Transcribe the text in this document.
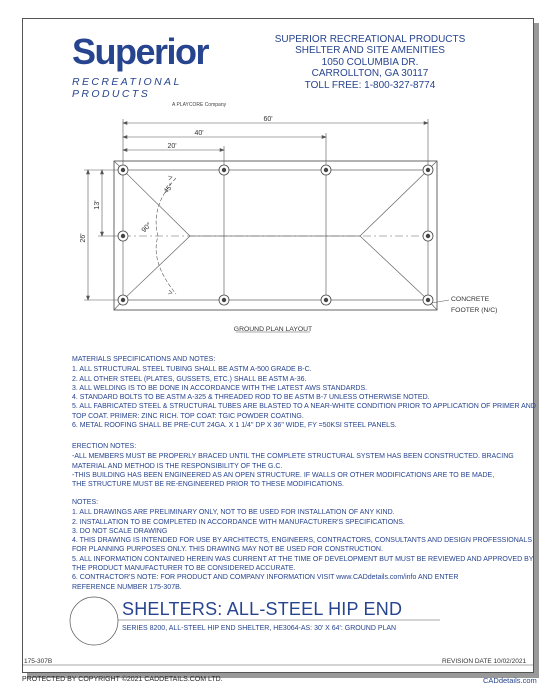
Superior
RECREATIONAL PRODUCTS
A PLAYCORE Company
SUPERIOR RECREATIONAL PRODUCTS
SHELTER AND SITE AMENITIES
1050 COLUMBIA DR.
CARROLLTON, GA 30117
TOLL FREE: 1-800-327-8774
60'
40'
20'
13'
26'
45°
90°
CONCRETE
FOOTER (N/C)
GROUND PLAN LAYOUT
MATERIALS SPECIFICATIONS AND NOTES:
1. ALL STRUCTURAL STEEL TUBING SHALL BE ASTM A-500 GRADE B-C.
2. ALL OTHER STEEL (PLATES, GUSSETS, ETC.) SHALL BE ASTM A-36.
3. ALL WELDING IS TO BE DONE IN ACCORDANCE WITH THE LATEST AWS STANDARDS.
4. STANDARD BOLTS TO BE ASTM A-325 & THREADED ROD TO BE ASTM B-7 UNLESS OTHERWISE NOTED.
5. ALL FABRICATED STEEL & STRUCTURAL TUBES ARE BLASTED TO A NEAR-WHITE CONDITION PRIOR TO APPLICATION OF PRIMER AND
TOP COAT. PRIMER: ZINC RICH. TOP COAT: TGIC POWDER COATING.
6. METAL ROOFING SHALL BE PRE-CUT 24GA. X 1 1/4" DP X 36" WIDE, FY =50KSI STEEL PANELS.
ERECTION NOTES:
-ALL MEMBERS MUST BE PROPERLY BRACED UNTIL THE COMPLETE STRUCTURAL SYSTEM HAS BEEN CONSTRUCTED. BRACING
MATERIAL AND METHOD IS THE RESPONSIBILITY OF THE G.C.
-THIS BUILDING HAS BEEN ENGINEERED AS AN OPEN STRUCTURE. IF WALLS OR OTHER MODIFICATIONS ARE TO BE MADE,
THE STRUCTURE MUST BE RE-ENGINEERED PRIOR TO THESE MODIFICATIONS.
NOTES:
1. ALL DRAWINGS ARE PRELIMINARY ONLY, NOT TO BE USED FOR INSTALLATION OF ANY KIND.
2. INSTALLATION TO BE COMPLETED IN ACCORDANCE WITH MANUFACTURER'S SPECIFICATIONS.
3. DO NOT SCALE DRAWING
4. THIS DRAWING IS INTENDED FOR USE BY ARCHITECTS, ENGINEERS, CONTRACTORS, CONSULTANTS AND DESIGN PROFESSIONALS
FOR PLANNING PURPOSES ONLY. THIS DRAWING MAY NOT BE USED FOR CONSTRUCTION.
5. ALL INFORMATION CONTAINED HEREIN WAS CURRENT AT THE TIME OF DEVELOPMENT BUT MUST BE REVIEWED AND APPROVED BY
THE PRODUCT MANUFACTURER TO BE CONSIDERED ACCURATE.
6. CONTRACTOR'S NOTE: FOR PRODUCT AND COMPANY INFORMATION VISIT www.CADdetails.com/info AND ENTER
REFERENCE NUMBER 175-307B.
SHELTERS: ALL-STEEL HIP END
SERIES 8200, ALL-STEEL HIP END SHELTER, HE3064-AS: 30' X 64': GROUND PLAN
175-307B	REVISION DATE 10/02/2021
PROTECTED BY COPYRIGHT ©2021 CADDETAILS.COM LTD.	CADdetails.com
